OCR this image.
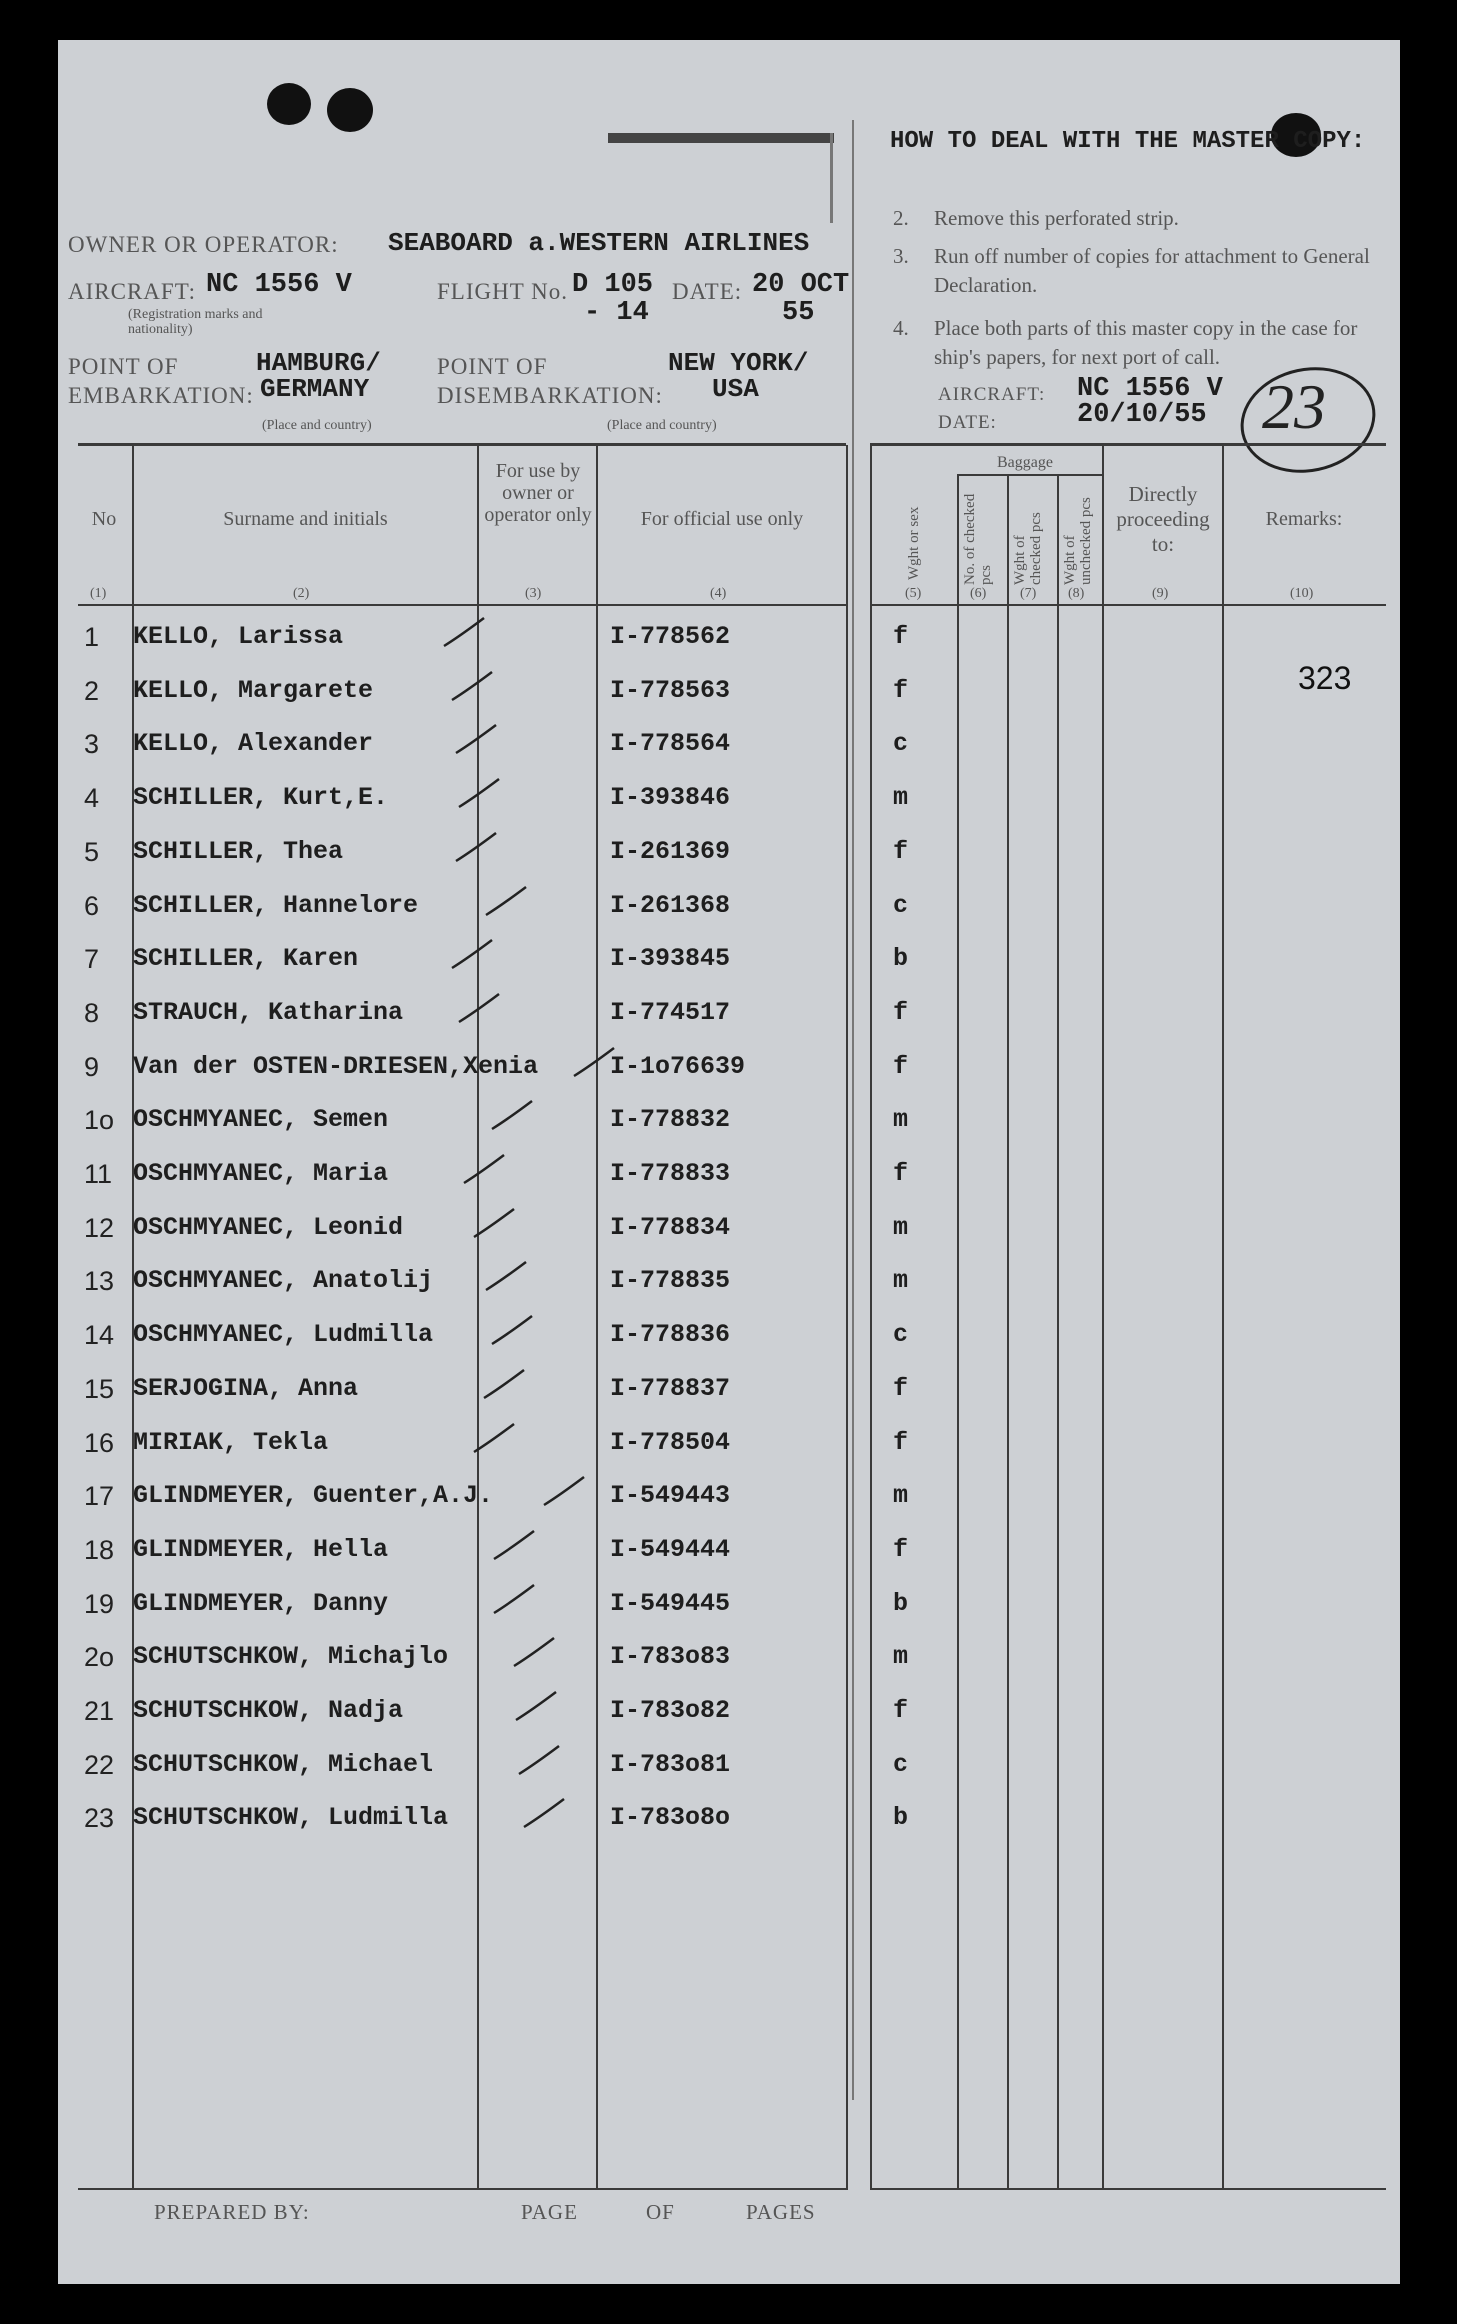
HOW TO DEAL WITH THE MASTER COPY:
OWNER OR OPERATOR: SEABOARD a.WESTERN AIRLINES
AIRCRAFT: NC 1556 V
(Registration marks and nationality)
FLIGHT No. D 105
- 14
DATE: 20 OCT
55
POINT OF
EMBARKATION:
HAMBURG/
GERMANY
(Place and country)
POINT OF
DISEMBARKATION:
NEW YORK/
USA
(Place and country)
2. Remove this perforated strip.
3. Run off number of copies for attachment to General Declaration.
4. Place both parts of this master copy in the case for ship's papers, for next port of call.
AIRCRAFT: NC 1556 V
DATE:	20/10/55 23
No	Surname and initials
For use by owner or operator only	For official use only	Wght or sex
Baggage
No. of checked pcs	Wght of checked pcs	Wght of unchecked pcs
Directly proceeding to:
Remarks:
(1)	(2)	(3)	(4)	(5)	(6) (7) (8)	(9)	(10)
323
1	KELLO, Larissa	I-778562	f
2	KELLO, Margarete	I-778563	f
3	KELLO, Alexander	I-778564	c
4	SCHILLER, Kurt,E.	I-393846	m
5	SCHILLER, Thea	I-261369	f
6	SCHILLER, Hannelore	I-261368	c
7	SCHILLER, Karen	I-393845	b
8	STRAUCH, Katharina	I-774517	f
9	Van der OSTEN-DRIESEN,Xenia	I-1o76639	f
1o OSCHMYANEC, Semen	I-778832	m
11 OSCHMYANEC, Maria	I-778833	f
12 OSCHMYANEC, Leonid	I-778834	m
13 OSCHMYANEC, Anatolij	I-778835	m
14 OSCHMYANEC, Ludmilla	I-778836	c
15 SERJOGINA, Anna	I-778837	f
16 MIRIAK, Tekla	I-778504	f
17 GLINDMEYER, Guenter,A.J.	I-549443	m
18 GLINDMEYER, Hella	I-549444	f
19 GLINDMEYER, Danny	I-549445	b
2o SCHUTSCHKOW, Michajlo	I-783o83	m
21 SCHUTSCHKOW, Nadja	I-783o82	f
22 SCHUTSCHKOW, Michael	I-783o81	c
23 SCHUTSCHKOW, Ludmilla	I-783o8o	b
PREPARED BY:	PAGE	OF	PAGES
